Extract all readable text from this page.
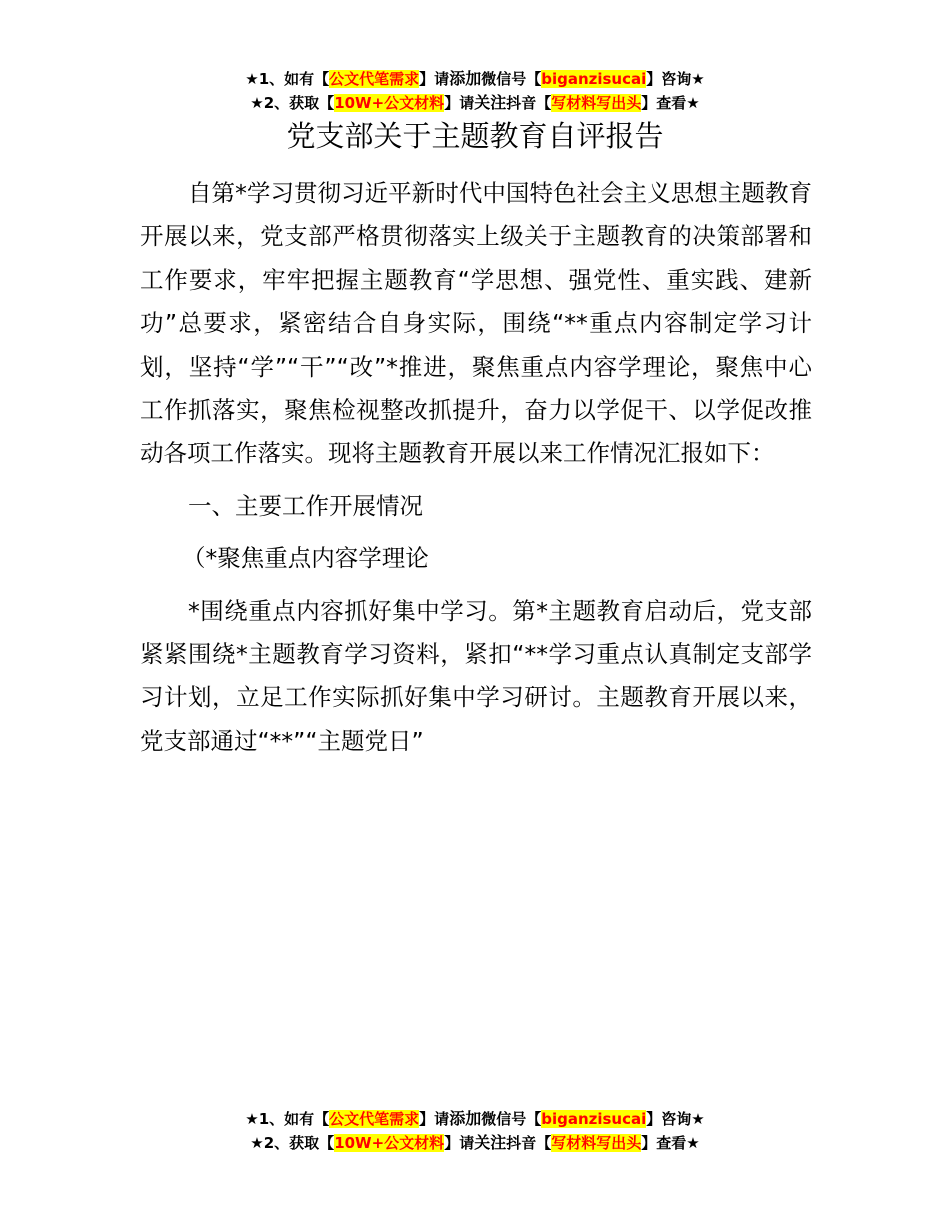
★1、如有【公文代笔需求】请添加微信号【biganzisucai】咨询★
★2、获取【10W+公文材料】请关注抖音【写材料写出头】查看★
党支部关于主题教育自评报告

自第*学习贯彻习近平新时代中国特色社会主义思想主题教育开展以来，党支部严格贯彻落实上级关于主题教育的决策部署和工作要求，牢牢把握主题教育“学思想、强党性、重实践、建新功”总要求，紧密结合自身实际，围绕“**重点内容制定学习计划，坚持“学”“干”“改”*推进，聚焦重点内容学理论，聚焦中心工作抓落实，聚焦检视整改抓提升，奋力以学促干、以学促改推动各项工作落实。现将主题教育开展以来工作情况汇报如下：

一、主要工作开展情况

（*聚焦重点内容学理论

*围绕重点内容抓好集中学习。第*主题教育启动后，党支部紧紧围绕*主题教育学习资料，紧扣“**学习重点认真制定支部学习计划，立足工作实际抓好集中学习研讨。主题教育开展以来，党支部通过“**”“主题党日”

★1、如有【公文代笔需求】请添加微信号【biganzisucai】咨询★
★2、获取【10W+公文材料】请关注抖音【写材料写出头】查看★
